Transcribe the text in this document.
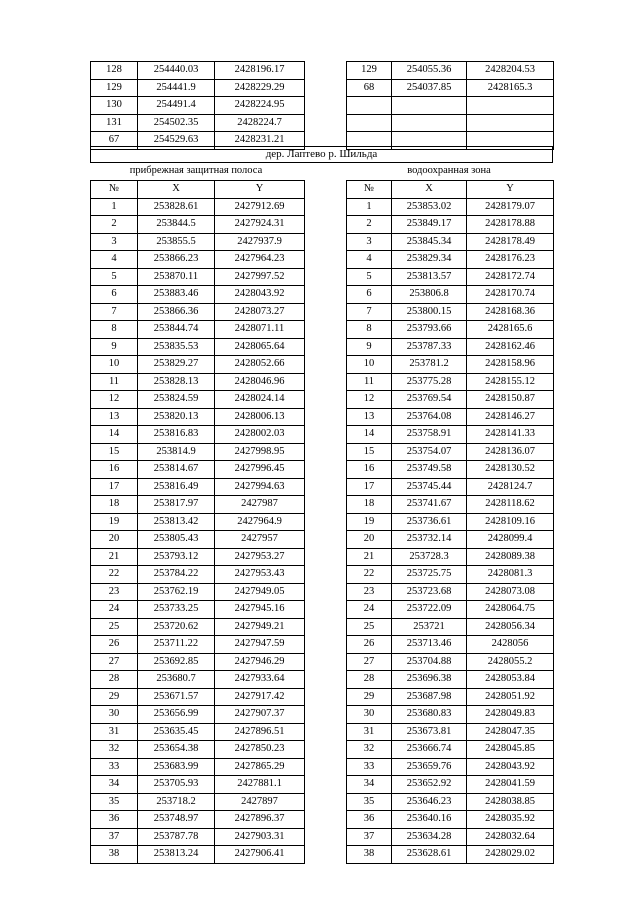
128	254440.03	2428196.17
129	254441.9	2428229.29
130	254491.4	2428224.95
131	254502.35	2428224.7
67	254529.63	2428231.21
129	254055.36	2428204.53
68	254037.85	2428165.3

дер. Лаптево р. Шильда
прибрежная защитная полоса	водоохранная зона
№	X	Y
1	253828.61	2427912.69
2	253844.5	2427924.31
3	253855.5	2427937.9
4	253866.23	2427964.23
5	253870.11	2427997.52
6	253883.46	2428043.92
7	253866.36	2428073.27
8	253844.74	2428071.11
9	253835.53	2428065.64
10	253829.27	2428052.66
11	253828.13	2428046.96
12	253824.59	2428024.14
13	253820.13	2428006.13
14	253816.83	2428002.03
15	253814.9	2427998.95
16	253814.67	2427996.45
17	253816.49	2427994.63
18	253817.97	2427987
19	253813.42	2427964.9
20	253805.43	2427957
21	253793.12	2427953.27
22	253784.22	2427953.43
23	253762.19	2427949.05
24	253733.25	2427945.16
25	253720.62	2427949.21
26	253711.22	2427947.59
27	253692.85	2427946.29
28	253680.7	2427933.64
29	253671.57	2427917.42
30	253656.99	2427907.37
31	253635.45	2427896.51
32	253654.38	2427850.23
33	253683.99	2427865.29
34	253705.93	2427881.1
35	253718.2	2427897
36	253748.97	2427896.37
37	253787.78	2427903.31
38	253813.24	2427906.41
№	X	Y
1	253853.02	2428179.07
2	253849.17	2428178.88
3	253845.34	2428178.49
4	253829.34	2428176.23
5	253813.57	2428172.74
6	253806.8	2428170.74
7	253800.15	2428168.36
8	253793.66	2428165.6
9	253787.33	2428162.46
10	253781.2	2428158.96
11	253775.28	2428155.12
12	253769.54	2428150.87
13	253764.08	2428146.27
14	253758.91	2428141.33
15	253754.07	2428136.07
16	253749.58	2428130.52
17	253745.44	2428124.7
18	253741.67	2428118.62
19	253736.61	2428109.16
20	253732.14	2428099.4
21	253728.3	2428089.38
22	253725.75	2428081.3
23	253723.68	2428073.08
24	253722.09	2428064.75
25	253721	2428056.34
26	253713.46	2428056
27	253704.88	2428055.2
28	253696.38	2428053.84
29	253687.98	2428051.92
30	253680.83	2428049.83
31	253673.81	2428047.35
32	253666.74	2428045.85
33	253659.76	2428043.92
34	253652.92	2428041.59
35	253646.23	2428038.85
36	253640.16	2428035.92
37	253634.28	2428032.64
38	253628.61	2428029.02
